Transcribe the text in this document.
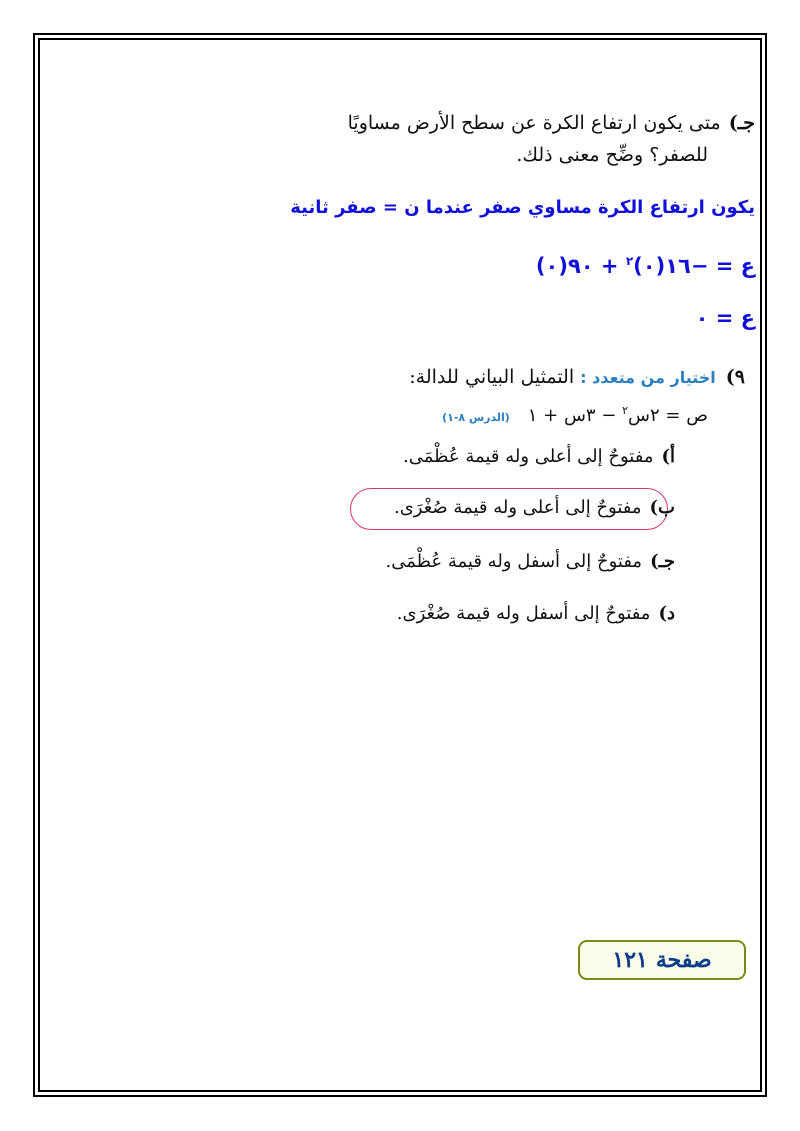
جـ)متى يكون ارتفاع الكرة عن سطح الأرض مساويًا
للصفر؟ وضِّح معنى ذلك.
يكون ارتفاع الكرة مساوي صفر عندما ن = صفر ثانية
ع = −١٦(٠)$^٢$ + ٩٠(٠)
ع = ٠
٩)اختيار من متعدد :التمثيل البياني للدالة:
ص = ٢س$^٢$ − ٣س + ١(الدرس ٨-١)
أ)مفتوحٌ إلى أعلى وله قيمة عُظْمَى.
ب)مفتوحٌ إلى أعلى وله قيمة صُغْرَى.
جـ)مفتوحٌ إلى أسفل وله قيمة عُظْمَى.
د)مفتوحٌ إلى أسفل وله قيمة صُغْرَى.
صفحة
١٢١
